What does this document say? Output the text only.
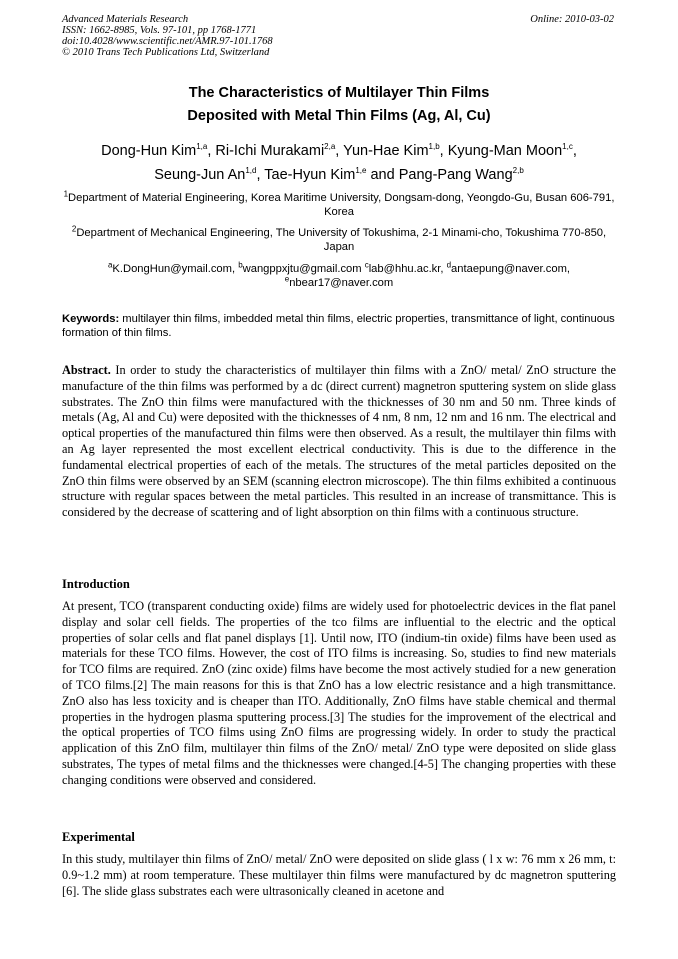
Advanced Materials Research
ISSN: 1662-8985, Vols. 97-101, pp 1768-1771
doi:10.4028/www.scientific.net/AMR.97-101.1768
© 2010 Trans Tech Publications Ltd, Switzerland
Online: 2010-03-02
The Characteristics of Multilayer Thin Films
Deposited with Metal Thin Films (Ag, Al, Cu)
Dong-Hun Kim$^{1,a}$, Ri-Ichi Murakami$^{2,a}$, Yun-Hae Kim$^{1,b}$, Kyung-Man Moon$^{1,c}$,
Seung-Jun An$^{1,d}$, Tae-Hyun Kim$^{1,e}$ and Pang-Pang Wang$^{2,b}$
$^1$Department of Material Engineering, Korea Maritime University, Dongsam-dong, Yeongdo-Gu, Busan 606-791, Korea
$^2$Department of Mechanical Engineering, The University of Tokushima, 2-1 Minami-cho, Tokushima 770-850, Japan
$^a$K.DongHun@ymail.com, $^b$wangppxjtu@gmail.com $^c$lab@hhu.ac.kr, $^d$antaepung@naver.com,
$^e$nbear17@naver.com
Keywords: multilayer thin films, imbedded metal thin films, electric properties, transmittance of light, continuous formation of thin films.
Abstract. In order to study the characteristics of multilayer thin films with a ZnO/ metal/ ZnO structure the manufacture of the thin films was performed by a dc (direct current) magnetron sputtering system on slide glass substrates. The ZnO thin films were manufactured with the thicknesses of 30 nm and 50 nm. Three kinds of metals (Ag, Al and Cu) were deposited with the thicknesses of 4 nm, 8 nm, 12 nm and 16 nm. The electrical and optical properties of the manufactured thin films were then observed. As a result, the multilayer thin films with an Ag layer represented the most excellent electrical conductivity. This is due to the difference in the fundamental electrical properties of each of the metals. The structures of the metal particles deposited on the ZnO thin films were observed by an SEM (scanning electron microscope). The thin films exhibited a continuous structure with regular spaces between the metal particles. This resulted in an increase of transmittance. This is considered by the decrease of scattering and of light absorption on thin films with a continuous structure.
Introduction
At present, TCO (transparent conducting oxide) films are widely used for photoelectric devices in the flat panel display and solar cell fields. The properties of the tco films are influential to the electric and the optical properties of solar cells and flat panel displays [1]. Until now, ITO (indium-tin oxide) films have been used as materials for these TCO films. However, the cost of ITO films is increasing. So, studies to find new materials for TCO films are required. ZnO (zinc oxide) films have become the most actively studied for a new generation of TCO films.[2] The main reasons for this is that ZnO has a low electric resistance and a high transmittance. ZnO also has less toxicity and is cheaper than ITO. Additionally, ZnO films have stable chemical and thermal properties in the hydrogen plasma sputtering process.[3] The studies for the improvement of the electrical and the optical properties of TCO films using ZnO films are progressing widely. In order to study the practical application of this ZnO film, multilayer thin films of the ZnO/ metal/ ZnO type were deposited on slide glass substrates, The types of metal films and the thicknesses were changed.[4-5] The changing properties with these changing conditions were observed and considered.
Experimental
In this study, multilayer thin films of ZnO/ metal/ ZnO were deposited on slide glass ( l x w: 76 mm x 26 mm, t: 0.9~1.2 mm) at room temperature. These multilayer thin films were manufactured by dc magnetron sputtering [6]. The slide glass substrates each were ultrasonically cleaned in acetone and
